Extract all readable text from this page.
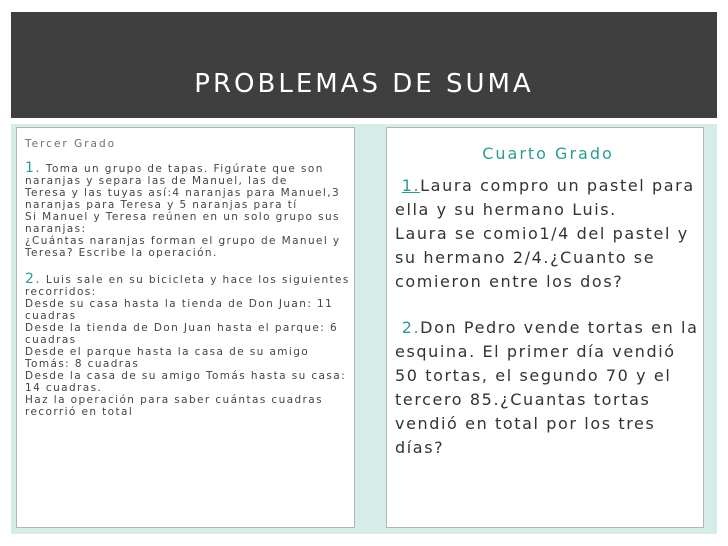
PROBLEMAS DE SUMA

Tercer Grado

1. Toma un grupo de tapas. Figúrate que son naranjas y separa las de Manuel, las de

Teresa y las tuyas así:4 naranjas para Manuel,3 naranjas para Teresa y 5 naranjas para tí

Si Manuel y Teresa reúnen en un solo grupo sus naranjas:

¿Cuántas naranjas forman el grupo de Manuel y Teresa? Escribe la operación.

2. Luis sale en su bicicleta y hace los siguientes recorridos:

Desde su casa hasta la tienda de Don Juan: 11 cuadras

Desde la tienda de Don Juan hasta el parque: 6 cuadras

Desde el parque hasta la casa de su amigo Tomás: 8 cuadras

Desde la casa de su amigo Tomás hasta su casa: 14 cuadras.

Haz la operación para saber cuántas cuadras recorrió en total

Cuarto Grado

1.Laura compro un pastel para ella y su hermano Luis.

Laura se comio1/4 del pastel y su hermano 2/4.¿Cuanto se comieron entre los dos?

2.Don Pedro vende tortas en la esquina. El primer día vendió 50 tortas, el segundo 70 y el tercero 85.¿Cuantas tortas vendió en total por los tres días?
